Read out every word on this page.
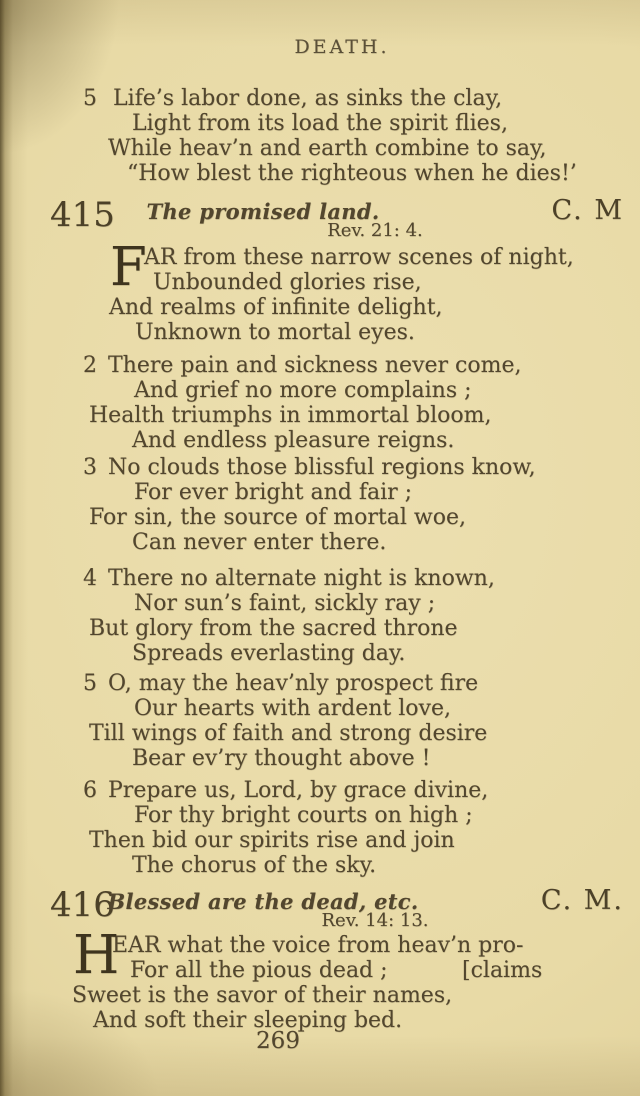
DEATH.
5 Life’s labor done, as sinks the clay,
Light from its load the spirit flies,
While heav’n and earth combine to say,
“How blest the righteous when he dies!’
415	The promised land.
Rev. 21: 4.
C. M
F
AR from these narrow scenes of night,
Unbounded glories rise,
And realms of infinite delight,
Unknown to mortal eyes.
2 There pain and sickness never come,
And grief no more complains ;
Health triumphs in immortal bloom,
And endless pleasure reigns.
3 No clouds those blissful regions know,
For ever bright and fair ;
For sin, the source of mortal woe,
Can never enter there.
4 There no alternate night is known,
Nor sun’s faint, sickly ray ;
But glory from the sacred throne
Spreads everlasting day.
5 O, may the heav’nly prospect fire
Our hearts with ardent love,
Till wings of faith and strong desire
Bear ev’ry thought above !
6 Prepare us, Lord, by grace divine,
For thy bright courts on high ;
Then bid our spirits rise and join
The chorus of the sky.
416
Blessed are the dead, etc.
Rev. 14: 13.
C. M.
H
EAR what the voice from heav’n pro-
For all the pious dead ;	[claims
Sweet is the savor of their names,
And soft their sleeping bed.
269
